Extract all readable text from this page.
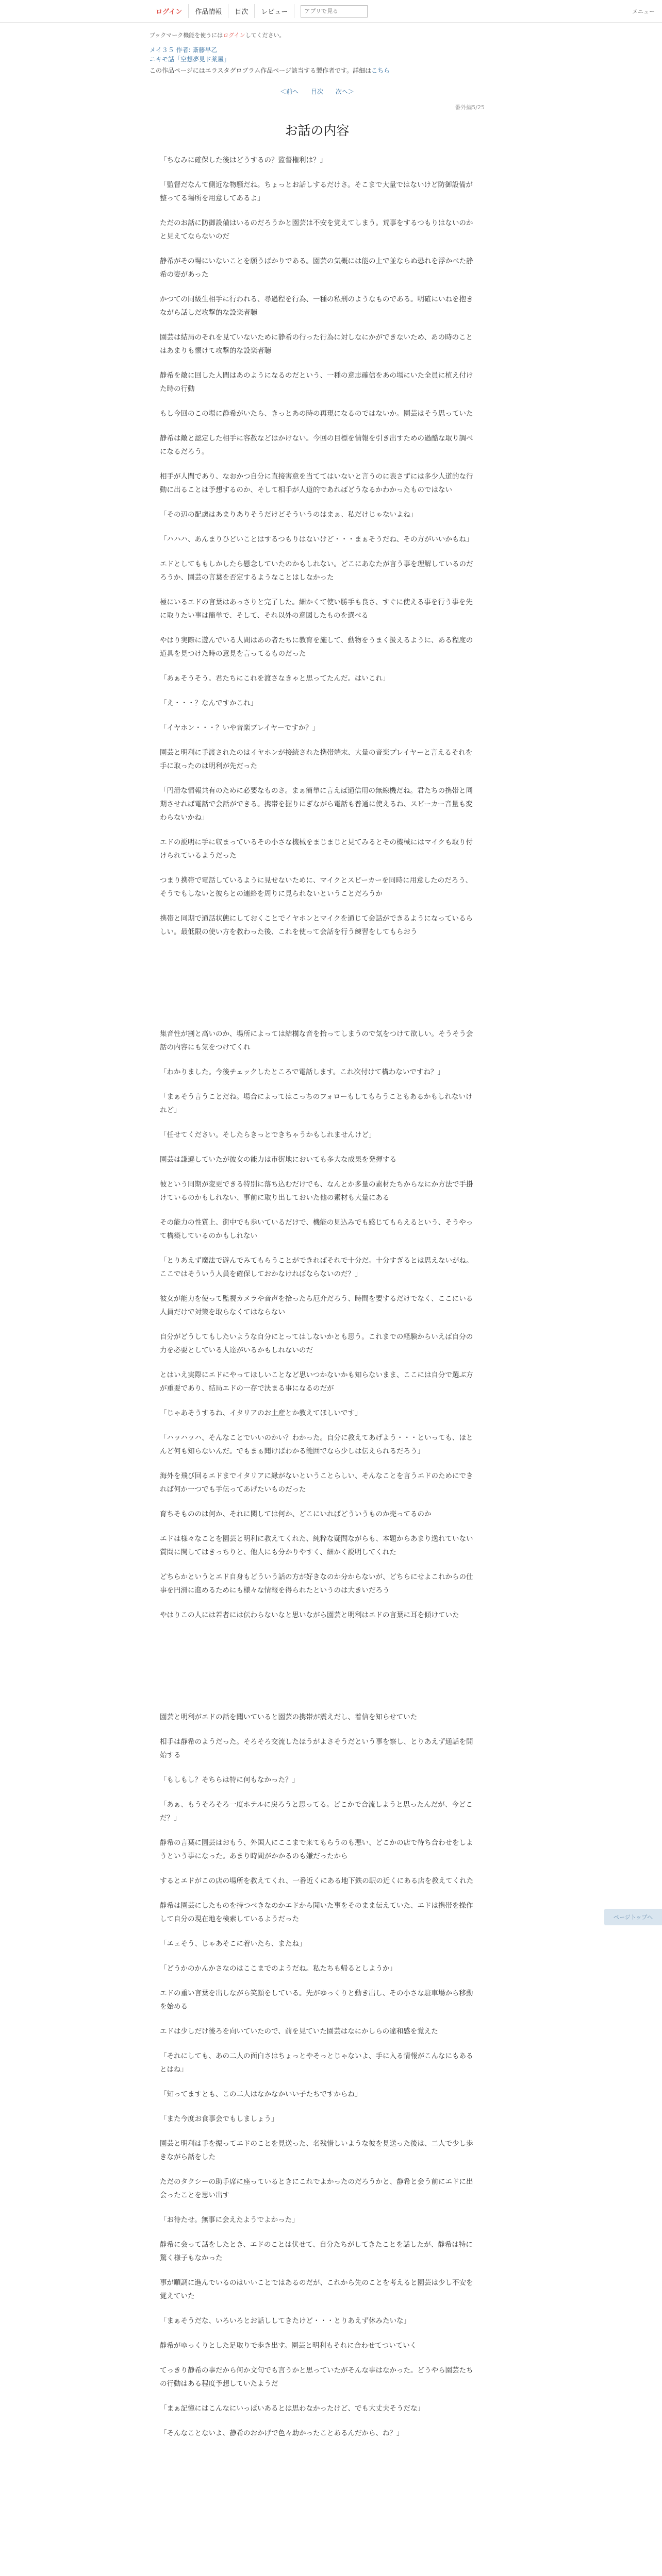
ログイン	作品情報	目次	レビュー
アプリで見る	メニュー
ブックマーク機能を使うにはログインしてください。
メイ３５ 作者: 斎藤早乙
ニキモ話「空想夢見ド薬屋」
この作品ページにはエラスタグロブラム作品ページ該当する製作者です。詳細はこちら
＜前へ 目次 次へ＞
番外編5/25
お話の内容

「ちなみに確保した後はどうするの？監督権利は？」

「監督だなんて側近な物騒だね。ちょっとお話しするだけさ。そこまで大量ではないけど防御設備が整ってる場所を用意してあるよ」

ただのお話に防御設備はいるのだろうかと園芸は不安を覚えてしまう。荒事をするつもりはないのかと見えてならないのだ

静希がその場にいないことを願うばかりである。園芸の気概には能の上で並ならぬ恐れを浮かべた静希の姿があった

かつての同級生相手に行われる、尋過程を行為、一種の私刑のようなものである。明確にいねを抱きながら話しだ攻撃的な設楽者聴

園芸は結局のそれを見ていないために静希の行った行為に対しなにかができないため、あの時のことはあまりも懐けて攻撃的な設楽者聴

静希を敵に回した人間はあのようになるのだという、一種の意志確信をあの場にいた全員に植え付けた時の行動

もし今回のこの場に静希がいたら、きっとあの時の再現になるのではないか。園芸はそう思っていた

静希は敵と認定した相手に容赦などはかけない。今回の目標を情報を引き出すための過酷な取り調べになるだろう。

相手が人間であり、なおかつ自分に直接害意を当ててはいないと言うのに表さずには多少人道的な行動に出ることは予想するのか、そして相手が人道的であればどうなるかわかったものではない

「その辺の配慮はあまりありそうだけどそういうのはまぁ、私だけじゃないよね」

「ハハハ、あんまりひどいことはするつもりはないけど・・・まぁそうだね、その方がいいかもね」

エドとしてももしかしたら懸念していたのかもしれない。どこにあなたが言う事を理解しているのだろうか、園芸の言葉を否定するようなことはしなかった

極にいるエドの言葉はあっさりと完了した。細かくて使い勝手も良さ、すぐに使える事を行う事を先に取りたい事は簡単で、そして、それ以外の意図したものを選べる

やはり実際に遊んでいる人間はあの者たちに教育を施して、動物をうまく扱えるように、ある程度の道具を見つけた時の意見を言ってるものだった

「あぁそうそう。君たちにこれを渡さなきゃと思ってたんだ。はいこれ」

「え・・・？なんですかこれ」

「イヤホン・・・？いや音楽プレイヤーですか？」

園芸と明利に手渡されたのはイヤホンが接続された携帯端末、大量の音楽プレイヤーと言えるそれを手に取ったのは明利が先だった

「円滑な情報共有のために必要なものさ。まぁ簡単に言えば通信用の無線機だね。君たちの携帯と同期させれば電話で会話ができる。携帯を握りにぎながら電話も普通に使えるね、スピーカー音量も変わらないかね」

エドの説明に手に収まっているその小さな機械をまじまじと見てみるとその機械にはマイクも取り付けられているようだった

つまり携帯で電話しているように見せないために、マイクとスピーカーを同時に用意したのだろう、そうでもしないと彼らとの連絡を周りに見られないということだろうか

携帯と同期で通話状態にしておくことでイヤホンとマイクを通じて会話ができるようになっているらしい。最低限の使い方を教わった後、これを使って会話を行う練習をしてもらおう

集音性が割と高いのか、場所によっては結構な音を拾ってしまうので気をつけて欲しい。そうそう会話の内容にも気をつけてくれ

「わかりました。今後チェックしたところで電話します。これ次付けて構わないですね？」

「まぁそう言うことだね。場合によってはこっちのフォローもしてもらうこともあるかもしれないけれど」

「任せてください。そしたらきっとできちゃうかもしれませんけど」

園芸は謙遜していたが彼女の能力は市街地においても多大な成果を発揮する

彼という同期が変更できる特別に落ち込むだけでも、なんとか多量の素材たちからなにか方法で手掛けているのかもしれない、事前に取り出しておいた他の素材も大量にある

その能力の性質上、街中でも歩いているだけで、機能の見込みでも感じてもらえるという、そうやって構築しているのかもしれない

「とりあえず魔法で遊んでみてもらうことができればそれで十分だ。十分すぎるとは思えないがね。ここではそういう人員を確保しておかなければならないのだ？」

彼女が能力を使って監視カメラや音声を拾ったら厄介だろう、時間を要するだけでなく、ここにいる人員だけで対策を取らなくてはならない

自分がどうしてもしたいような自分にとってはしないかとも思う。これまでの経験からいえば自分の力を必要としている人達がいるかもしれないのだ

とはいえ実際にエドにやってほしいことなど思いつかないかも知らないまま、ここには自分で選ぶ方が重要であり、結局エドの一存で決まる事になるのだが

「じゃあそうするね、イタリアのお土産とか教えてほしいです」

「ハッハッハ、そんなことでいいのかい？わかった。自分に教えてあげよう・・・といっても、ほとんど何も知らないんだ。でもまぁ聞けばわかる範囲でなら少しは伝えられるだろう」

海外を飛び回るエドまでイタリアに縁がないということらしい、そんなことを言うエドのためにできれば何か一つでも手伝ってあげたいものだった

育ちそもののは何か、それに関しては何か、どこにいればどういうものか売ってるのか

エドは様々なことを園芸と明利に教えてくれた、純粋な疑問ながらも、本題からあまり逸れていない質問に関してはきっちりと、他人にも分かりやすく、細かく説明してくれた

どちらかというとエド自身もどういう話の方が好きなのか分からないが、どちらにせよこれからの仕事を円滑に進めるためにも様々な情報を得られたというのは大きいだろう

やはりこの人には若者には伝わらないなと思いながら園芸と明利はエドの言葉に耳を傾けていた

園芸と明利がエドの話を聞いていると園芸の携帯が震えだし、着信を知らせていた

相手は静希のようだった。そろそろ交流したほうがよさそうだという事を察し、とりあえず通話を開始する

「もしもし？そちらは特に何もなかった？」

「あぁ、もうそろそろ一度ホテルに戻ろうと思ってる。どこかで合流しようと思ったんだが、今どこだ？」

静希の言葉に園芸はおもう、外国人にここまで来てもらうのも悪い、どこかの店で待ち合わせをしようという事になった。あまり時間がかかるのも嫌だったから

するとエドがこの店の場所を教えてくれ、一番近くにある地下鉄の駅の近くにある店を教えてくれた

静希は園芸にしたものを持つべきなのかエドから聞いた事をそのまま伝えていた、エドは携帯を操作して自分の現在地を検索しているようだった

「エェそう、じゃあそこに着いたら、またね」

「どうかのかんかさなのはここまでのようだね。私たちも帰るとしようか」

エドの重い言葉を出しながら笑顔をしている。先がゆっくりと動き出し、その小さな駐車場から移動を始める

エドは少しだけ後ろを向いていたので、前を見ていた園芸はなにかしらの違和感を覚えた

「それにしても、あの二人の面白さはちょっとやそっとじゃないよ、手に入る情報がこんなにもあるとはね」

「知ってますとも、この二人はなかなかいい子たちですからね」

「また今度お食事会でもしましょう」

園芸と明利は手を振ってエドのことを見送った、名残惜しいような彼を見送った後は、二人で少し歩きながら話をした

ただのタクシーの助手席に座っているときにこれでよかったのだろうかと、静希と会う前にエドに出会ったことを思い出す

「お待たせ。無事に会えたようでよかった」

静希に会って話をしたとき、エドのことは伏せて、自分たちがしてきたことを話したが、静希は特に驚く様子もなかった

事が順調に進んでいるのはいいことではあるのだが、これから先のことを考えると園芸は少し不安を覚えていた

「まぁそうだな、いろいろとお話ししてきたけど・・・とりあえず休みたいな」

静希がゆっくりとした足取りで歩き出す。園芸と明利もそれに合わせてついていく

てっきり静希の事だから何か文句でも言うかと思っていたがそんな事はなかった。どうやら園芸たちの行動はある程度予想していたようだ

「まぁ記憶にはこんなにいっぱいあるとは思わなかったけど、でも大丈夫そうだな」

「そんなことないよ、静希のおかげで色々助かったことあるんだから、ね？」

ページトップへ
